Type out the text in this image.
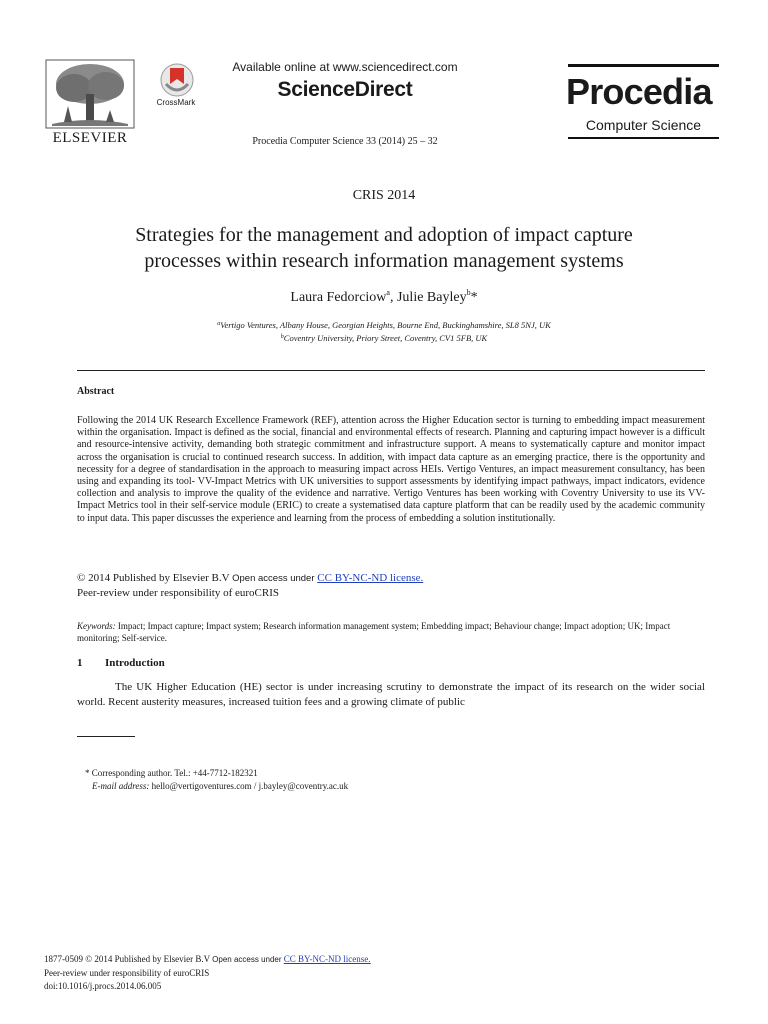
ELSEVIER
CrossMark
Available online at www.sciencedirect.com
ScienceDirect
Procedia Computer Science 33 (2014) 25 – 32
Procedia
Computer Science
CRIS 2014
Strategies for the management and adoption of impact capture
processes within research information management systems
Laura Fedorciow$^a$, Julie Bayley$^b$*
$^a$Vertigo Ventures, Albany House, Georgian Heights, Bourne End, Buckinghamshire, SL8 5NJ, UK
$^b$Coventry University, Priory Street, Coventry, CV1 5FB, UK
Abstract

Following the 2014 UK Research Excellence Framework (REF), attention across the Higher Education sector is turning to embedding impact measurement within the organisation. Impact is defined as the social, financial and environmental effects of research. Planning and capturing impact however is a difficult and resource-intensive activity, demanding both strategic commitment and infrastructure support. A means to systematically capture and monitor impact across the organisation is crucial to continued research success. In addition, with impact data capture as an emerging practice, there is the opportunity and necessity for a degree of standardisation in the approach to measuring impact across HEIs. Vertigo Ventures, an impact measurement consultancy, has been using and expanding its tool- VV-Impact Metrics with UK universities to support assessments by identifying impact pathways, impact indicators, evidence collection and analysis to improve the quality of the evidence and narrative. Vertigo Ventures has been working with Coventry University to use its VV-Impact Metrics tool in their self-service module (ERIC) to create a systematised data capture platform that can be readily used by the academic community to input data. This paper discusses the experience and learning from the process of embedding a solution institutionally.

© 2014 Published by Elsevier B.V Open access under CC BY-NC-ND license.
Peer-review under responsibility of euroCRIS
Keywords: Impact; Impact capture; Impact system; Research information management system; Embedding impact; Behaviour change; Impact adoption; UK; Impact monitoring; Self-service.
1 Introduction
The UK Higher Education (HE) sector is under increasing scrutiny to demonstrate the impact of its research on the wider social world. Recent austerity measures, increased tuition fees and a growing climate of public
* Corresponding author. Tel.: +44-7712-182321
E-mail address: hello@vertigoventures.com / j.bayley@coventry.ac.uk
1877-0509 © 2014 Published by Elsevier B.V Open access under CC BY-NC-ND license.
Peer-review under responsibility of euroCRIS
doi:10.1016/j.procs.2014.06.005
